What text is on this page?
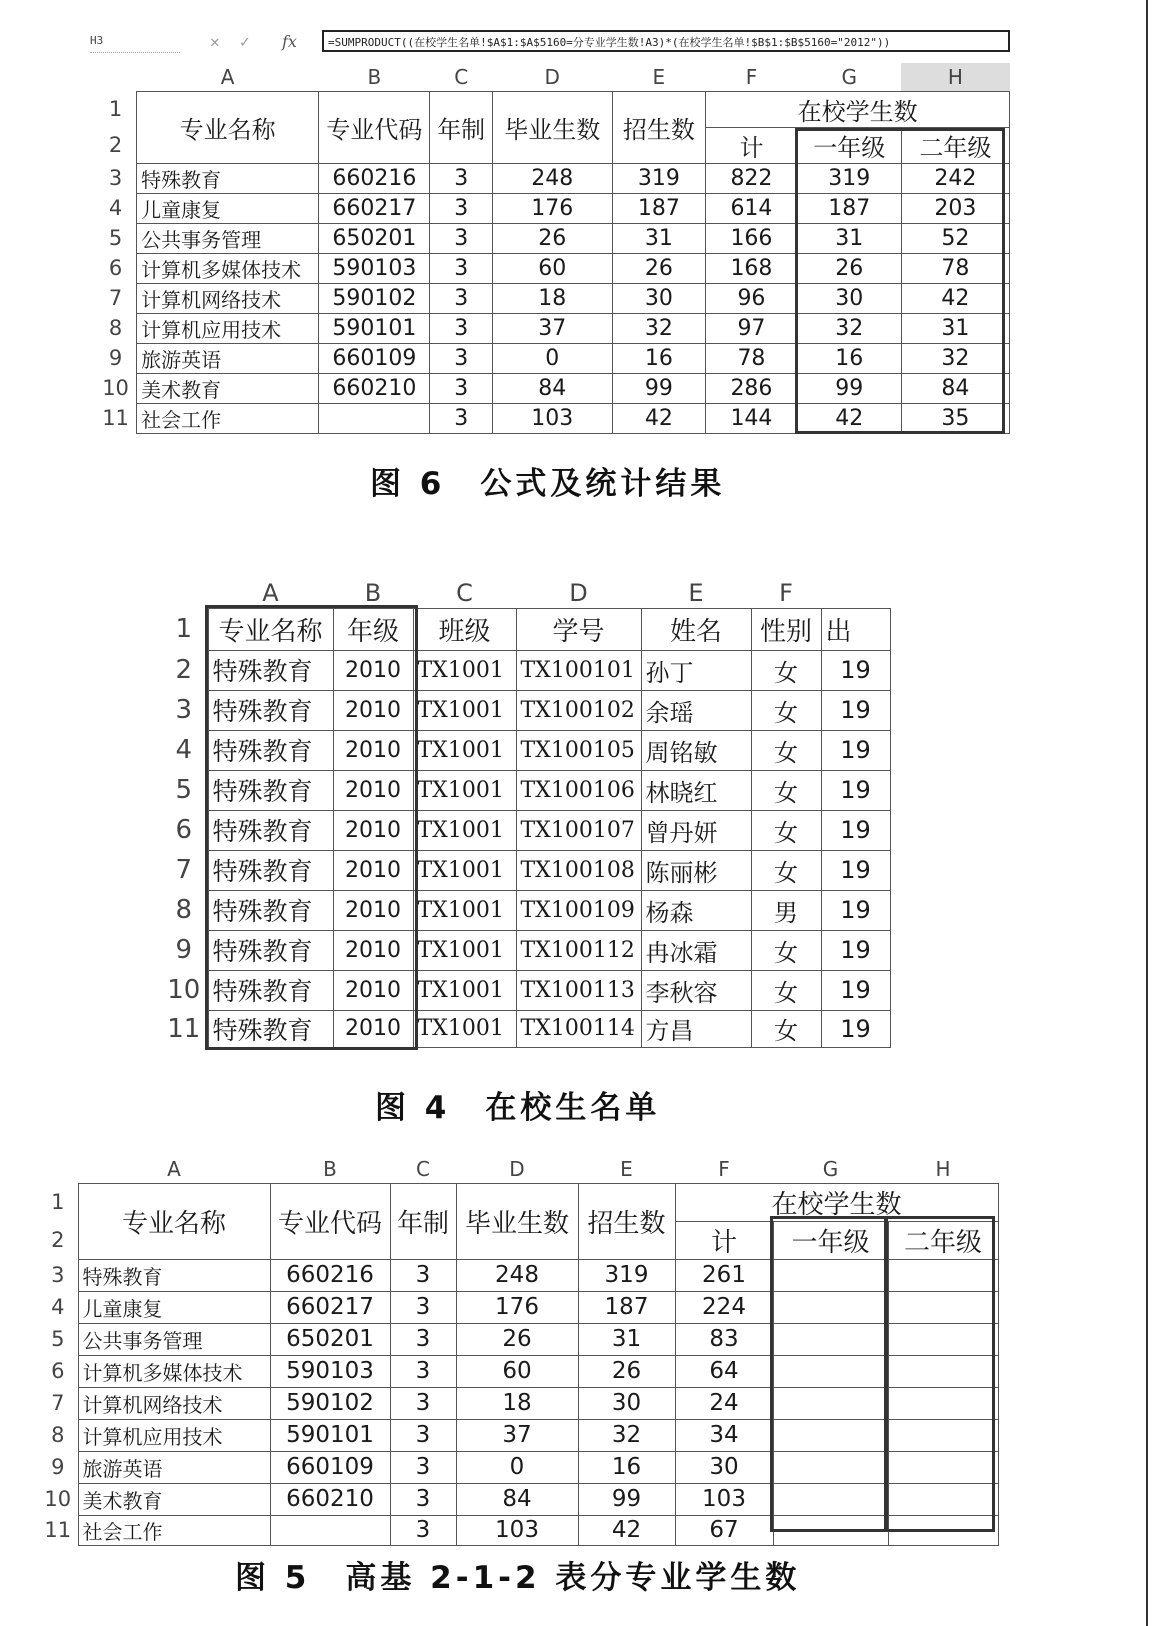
H3	✕ ✓ fx	=SUMPRODUCT((在校学生名单!$A$1:$A$5160=分专业学生数!A3)*(在校学生名单!$B$1:$B$5160="2012"))
	A	B	C	D	E	F	G	H
1	专业名称	专业代码	年制	毕业生数	招生数	在校学生数		
2						计	一年级	二年级
3	特殊教育	660216	3	248	319	822	319	242
4	儿童康复	660217	3	176	187	614	187	203
5	公共事务管理	650201	3	26	31	166	31	52
6	计算机多媒体技术	590103	3	60	26	168	26	78
7	计算机网络技术	590102	3	18	30	96	30	42
8	计算机应用技术	590101	3	37	32	97	32	31
9	旅游英语	660109	3	0	16	78	16	32
10	美术教育	660210	3	84	99	286	99	84
11	社会工作		3	103	42	144	42	35
图 6　公式及统计结果
	A	B	C	D	E	F	
1	专业名称	年级	班级	学号	姓名	性别	出
2	特殊教育	2010	TX1001	TX100101	孙丁	女	19
3	特殊教育	2010	TX1001	TX100102	余瑶	女	19
4	特殊教育	2010	TX1001	TX100105	周铭敏	女	19
5	特殊教育	2010	TX1001	TX100106	林晓红	女	19
6	特殊教育	2010	TX1001	TX100107	曾丹妍	女	19
7	特殊教育	2010	TX1001	TX100108	陈丽彬	女	19
8	特殊教育	2010	TX1001	TX100109	杨森	男	19
9	特殊教育	2010	TX1001	TX100112	冉冰霜	女	19
10	特殊教育	2010	TX1001	TX100113	李秋容	女	19
11	特殊教育	2010	TX1001	TX100114	方昌	女	19
图 4　在校生名单
	A	B	C	D	E	F	G	H
1	专业名称	专业代码	年制	毕业生数	招生数	在校学生数		
2						计	一年级	二年级
3	特殊教育	660216	3	248	319	261		
4	儿童康复	660217	3	176	187	224		
5	公共事务管理	650201	3	26	31	83		
6	计算机多媒体技术	590103	3	60	26	64		
7	计算机网络技术	590102	3	18	30	24		
8	计算机应用技术	590101	3	37	32	34		
9	旅游英语	660109	3	0	16	30		
10	美术教育	660210	3	84	99	103		
11	社会工作		3	103	42	67		
图 5　高基 2-1-2 表分专业学生数
